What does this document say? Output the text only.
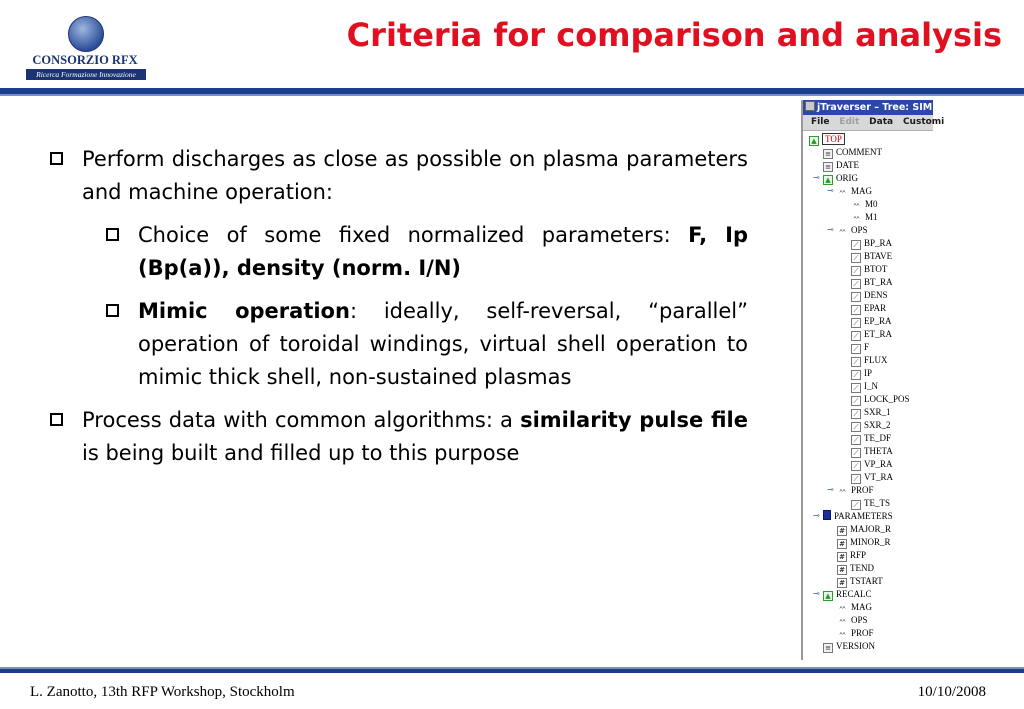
CONSORZIO RFX
Ricerca Formazione Innovazione
Criteria for comparison and analysis
Perform discharges as close as possible on plasma parameters and machine operation:
Choice of some fixed normalized parameters: F, Ip (Bp(a)), density (norm. I/N)
Mimic operation: ideally, self-reversal, “parallel” operation of toroidal windings, virtual shell operation to mimic thick shell, non-sustained plasmas
Process data with common algorithms: a similarity pulse file is being built and filled up to this purpose
jTraverser – Tree: SIM
File Edit Data Customi
▲TOP
≡ COMMENT
≡ DATE
▲ORIG
⊸
ᴬᴬ MAG
⊸
ᴬᴬ M0
ᴬᴬ M1
ᴬᴬ OPS
⊸
⟋ BP_RA
⟋ BTAVE
⟋ BTOT
⟋ BT_RA
⟋ DENS
⟋ EPAR
⟋ EP_RA
⟋ ET_RA
⟋ F
⟋ FLUX
⟋ IP
⟋ I_N
⟋ LOCK_POS
⟋ SXR_1
⟋ SXR_2
⟋ TE_DF
⟋ THETA
⟋ VP_RA
⟋ VT_RA
ᴬᴬ PROF
⊸
⟋ TE_TS
PARAMETERS
⊸
# MAJOR_R
# MINOR_R
# RFP
# TEND
# TSTART
▲RECALC
⊸
ᴬᴬ MAG
ᴬᴬ OPS
ᴬᴬ PROF
≡ VERSION
L. Zanotto, 13th RFP Workshop, Stockholm	10/10/2008
